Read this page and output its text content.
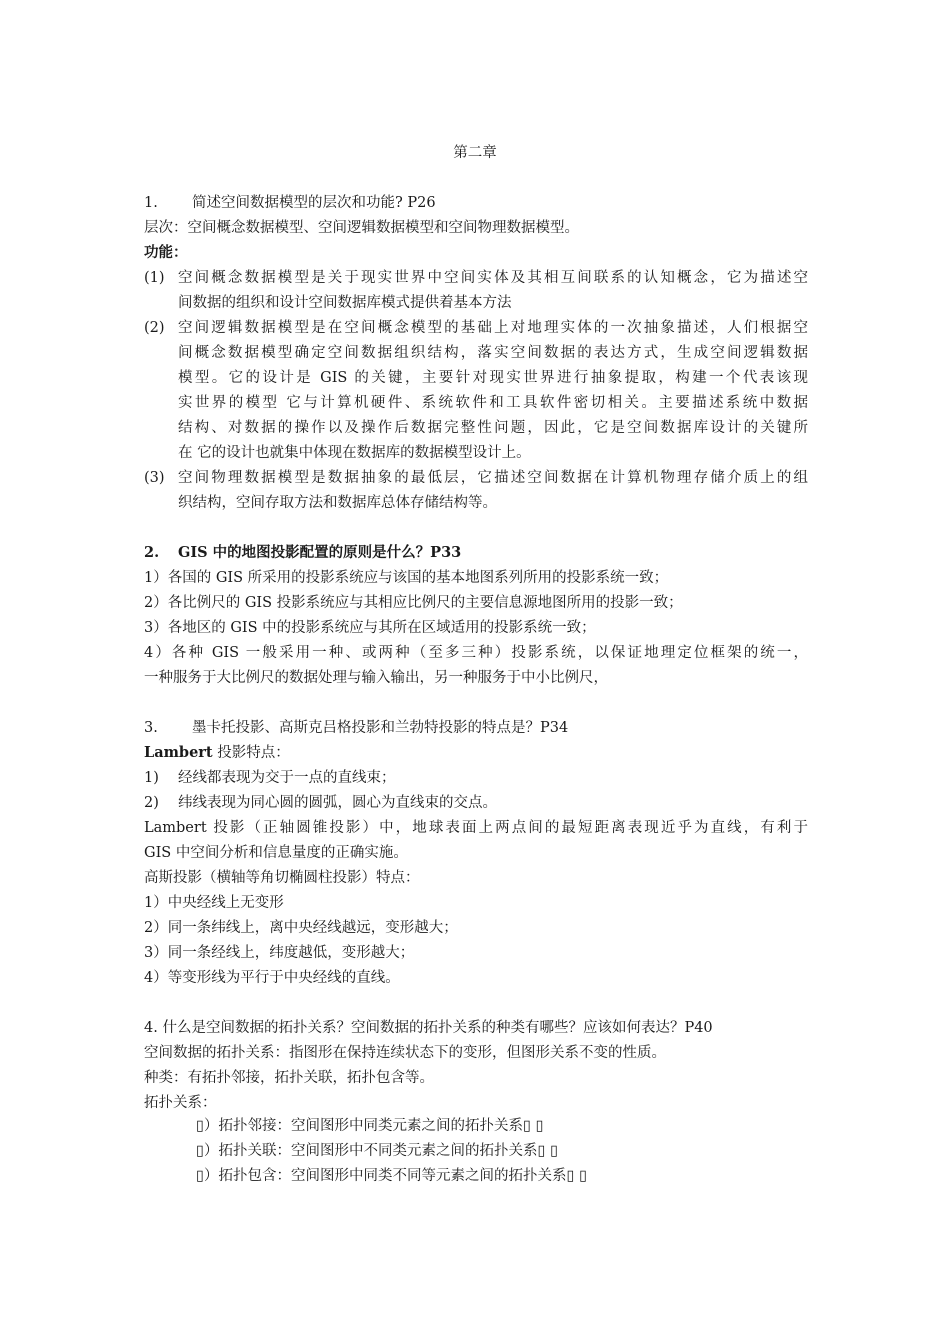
第二章
1. 简述空间数据模型的层次和功能? P26
层次：空间概念数据模型、空间逻辑数据模型和空间物理数据模型。
功能：
(1) 空间概念数据模型是关于现实世界中空间实体及其相互间联系的认知概念，它为描述空
间数据的组织和设计空间数据库模式提供着基本方法
(2) 空间逻辑数据模型是在空间概念模型的基础上对地理实体的一次抽象描述，人们根据空
间概念数据模型确定空间数据组织结构，落实空间数据的表达方式，生成空间逻辑数据
模型。它的设计是 GIS 的关键，主要针对现实世界进行抽象提取，构建一个代表该现
实世界的模型 它与计算机硬件、系统软件和工具软件密切相关。主要描述系统中数据
结构、对数据的操作以及操作后数据完整性问题，因此，它是空间数据库设计的关键所
在 它的设计也就集中体现在数据库的数据模型设计上。
(3) 空间物理数据模型是数据抽象的最低层，它描述空间数据在计算机物理存储介质上的组
织结构，空间存取方法和数据库总体存储结构等。
2. GIS 中的地图投影配置的原则是什么？P33
1）各国的 GIS 所采用的投影系统应与该国的基本地图系列所用的投影系统一致；
2）各比例尺的 GIS 投影系统应与其相应比例尺的主要信息源地图所用的投影一致；
3）各地区的 GIS 中的投影系统应与其所在区域适用的投影系统一致；
4）各种 GIS 一般采用一种、或两种（至多三种）投影系统，以保证地理定位框架的统一，
一种服务于大比例尺的数据处理与输入输出，另一种服务于中小比例尺，
3. 墨卡托投影、高斯克吕格投影和兰勃特投影的特点是？P34
Lambert 投影特点：
1) 经线都表现为交于一点的直线束；
2) 纬线表现为同心圆的圆弧，圆心为直线束的交点。
Lambert 投影（正轴圆锥投影）中，地球表面上两点间的最短距离表现近乎为直线，有利于
GIS 中空间分析和信息量度的正确实施。
高斯投影（横轴等角切椭圆柱投影）特点：
1）中央经线上无变形
2）同一条纬线上，离中央经线越远，变形越大；
3）同一条经线上，纬度越低，变形越大；
4）等变形线为平行于中央经线的直线。
4. 什么是空间数据的拓扑关系？空间数据的拓扑关系的种类有哪些？应该如何表达？P40
空间数据的拓扑关系：指图形在保持连续状态下的变形，但图形关系不变的性质。
种类：有拓扑邻接，拓扑关联，拓扑包含等。
拓扑关系：
▯）拓扑邻接：空间图形中同类元素之间的拓扑关系▯ ▯
▯）拓扑关联：空间图形中不同类元素之间的拓扑关系▯ ▯
▯）拓扑包含：空间图形中同类不同等元素之间的拓扑关系▯ ▯
